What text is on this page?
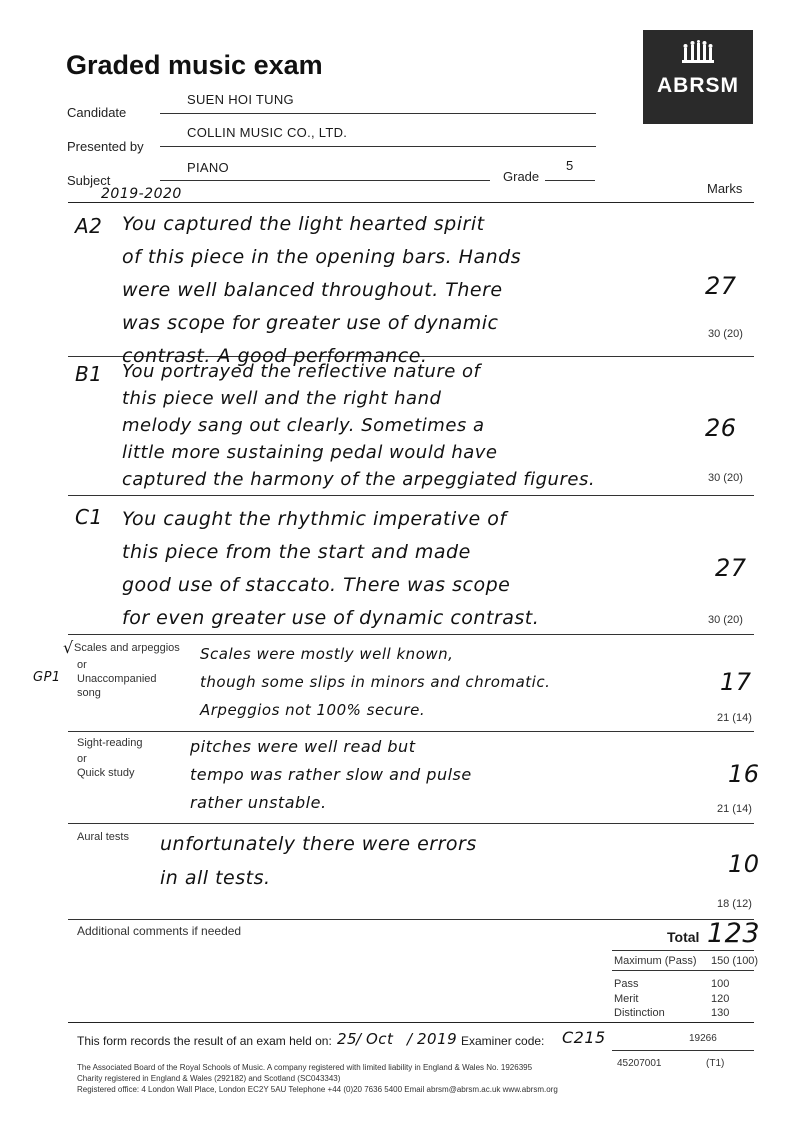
Graded music exam
ABRSM
Candidate
SUEN HOI TUNG
Presented by
COLLIN MUSIC CO., LTD.
Subject
PIANO
2019-2020
Grade
5
Marks
A2 You captured the light hearted spirit
of this piece in the opening bars. Hands
were well balanced throughout. There
was scope for greater use of dynamic
contrast. A good performance.
27
30 (20)
B1 You portrayed the reflective nature of
this piece well and the right hand
melody sang out clearly. Sometimes a
little more sustaining pedal would have
captured the harmony of the arpeggiated figures.
26
30 (20)
C1 You caught the rhythmic imperative of
this piece from the start and made
good use of staccato. There was scope
for even greater use of dynamic contrast.
27
30 (20)
√ Scales and arpeggios
or
Unaccompanied
song
GP1
Scales were mostly well known,
though some slips in minors and chromatic.
Arpeggios not 100% secure.
17
21 (14)
Sight-reading
or
Quick study
pitches were well read but
tempo was rather slow and pulse
rather unstable.
16
21 (14)
Aural tests unfortunately there were errors
in all tests.	10
18 (12)
Additional comments if needed	Total 123
Maximum (Pass) 150 (100)
Pass	100
Merit	120
Distinction	130
This form records the result of an exam held on: 25
/ Oct / 2019 Examiner code: C215	19266
45207001	(T1)
The Associated Board of the Royal Schools of Music. A company registered with limited liability in England & Wales No. 1926395
Charity registered in England & Wales (292182) and Scotland (SC043343)
Registered office: 4 London Wall Place, London EC2Y 5AU Telephone +44 (0)20 7636 5400 Email abrsm@abrsm.ac.uk www.abrsm.org
